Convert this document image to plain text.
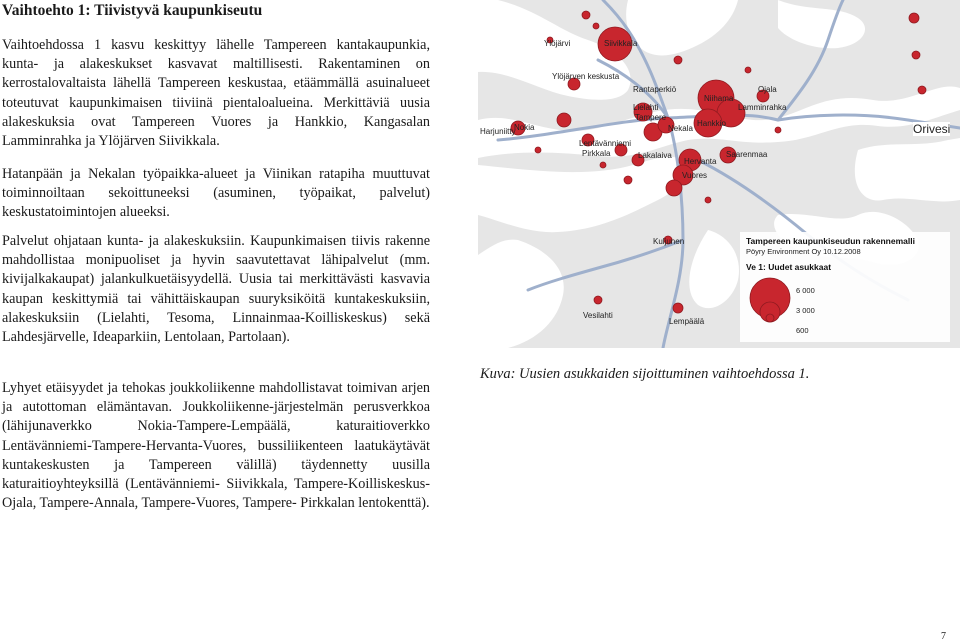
Vaihtoehto 1: Tiivistyvä kaupunkiseutu

Vaihtoehdossa 1 kasvu keskittyy lähelle Tampereen kantakaupunkia, kunta- ja alakeskukset kasvavat maltillisesti. Rakentaminen on kerrostalovaltaista lähellä Tampereen keskustaa, etäämmällä asuinalueet toteutuvat kaupunkimaisen tiiviinä pientaloalueina. Merkittäviä uusia alakeskuksia ovat Tampereen Vuores ja Hankkio, Kangasalan Lamminrahka ja Ylöjärven Siivikkala.

Hatanpään ja Nekalan työpaikka-alueet ja Viinikan ratapiha muuttuvat toiminnoiltaan sekoittuneeksi (asuminen, työpaikat, palvelut) keskustatoimintojen alueeksi.

Palvelut ohjataan kunta- ja alakeskuksiin. Kaupunkimaisen tiivis rakenne mahdollistaa monipuoliset ja hyvin saavutettavat lähipalvelut (mm. kivijalkakaupat) jalankulkuetäisyydellä. Uusia tai merkittävästi kasvavia kaupan keskittymiä tai vähittäiskaupan suuryksiköitä kuntakeskuksiin, alakeskuksiin (Lielahti, Tesoma, Linnainmaa-Koilliskeskus) sekä Lahdesjärvelle, Ideaparkiin, Lentolaan, Partolaan).

Lyhyet etäisyydet ja tehokas joukkoliikenne mahdollistavat toimivan arjen ja autottoman elämäntavan. Joukkoliikenne-järjestelmän perusverkkoa (lähijunaverkko Nokia-Tampere-Lempäälä, katuraitioverkko Lentävänniemi-Tampere-Hervanta-Vuores, bussiliikenteen laatukäytävät kuntakeskusten ja Tampereen välillä) täydennetty uusilla katuraitioyhteyksillä (Lentävänniemi- Siivikkala, Tampere-Koilliskeskus-Ojala, Tampere-Annala, Tampere-Vuores, Tampere- Pirkkalan lentokenttä).

Ylöjärvi	Siivikkala
Ylöjärven keskusta
Ojala
Rantaperkiö
Niihama
Lamminrahka
Harjuniitty
Nokia
Lielahti
Tampere
Hankkio
Nekala
Lentävänniemi
Pirkkala	Lakalaiva
Hervanta
Saarenmaa
Vuores
Kuljunen
Vesilahti
Lempäälä
Tampereen kaupunkiseudun rakennemalli
Pöyry Environment Oy 10.12.2008
Ve 1: Uudet asukkaat
6 000
3 000
600
Orivesi
Kuva: Uusien asukkaiden sijoittuminen vaihtoehdossa 1.
7
